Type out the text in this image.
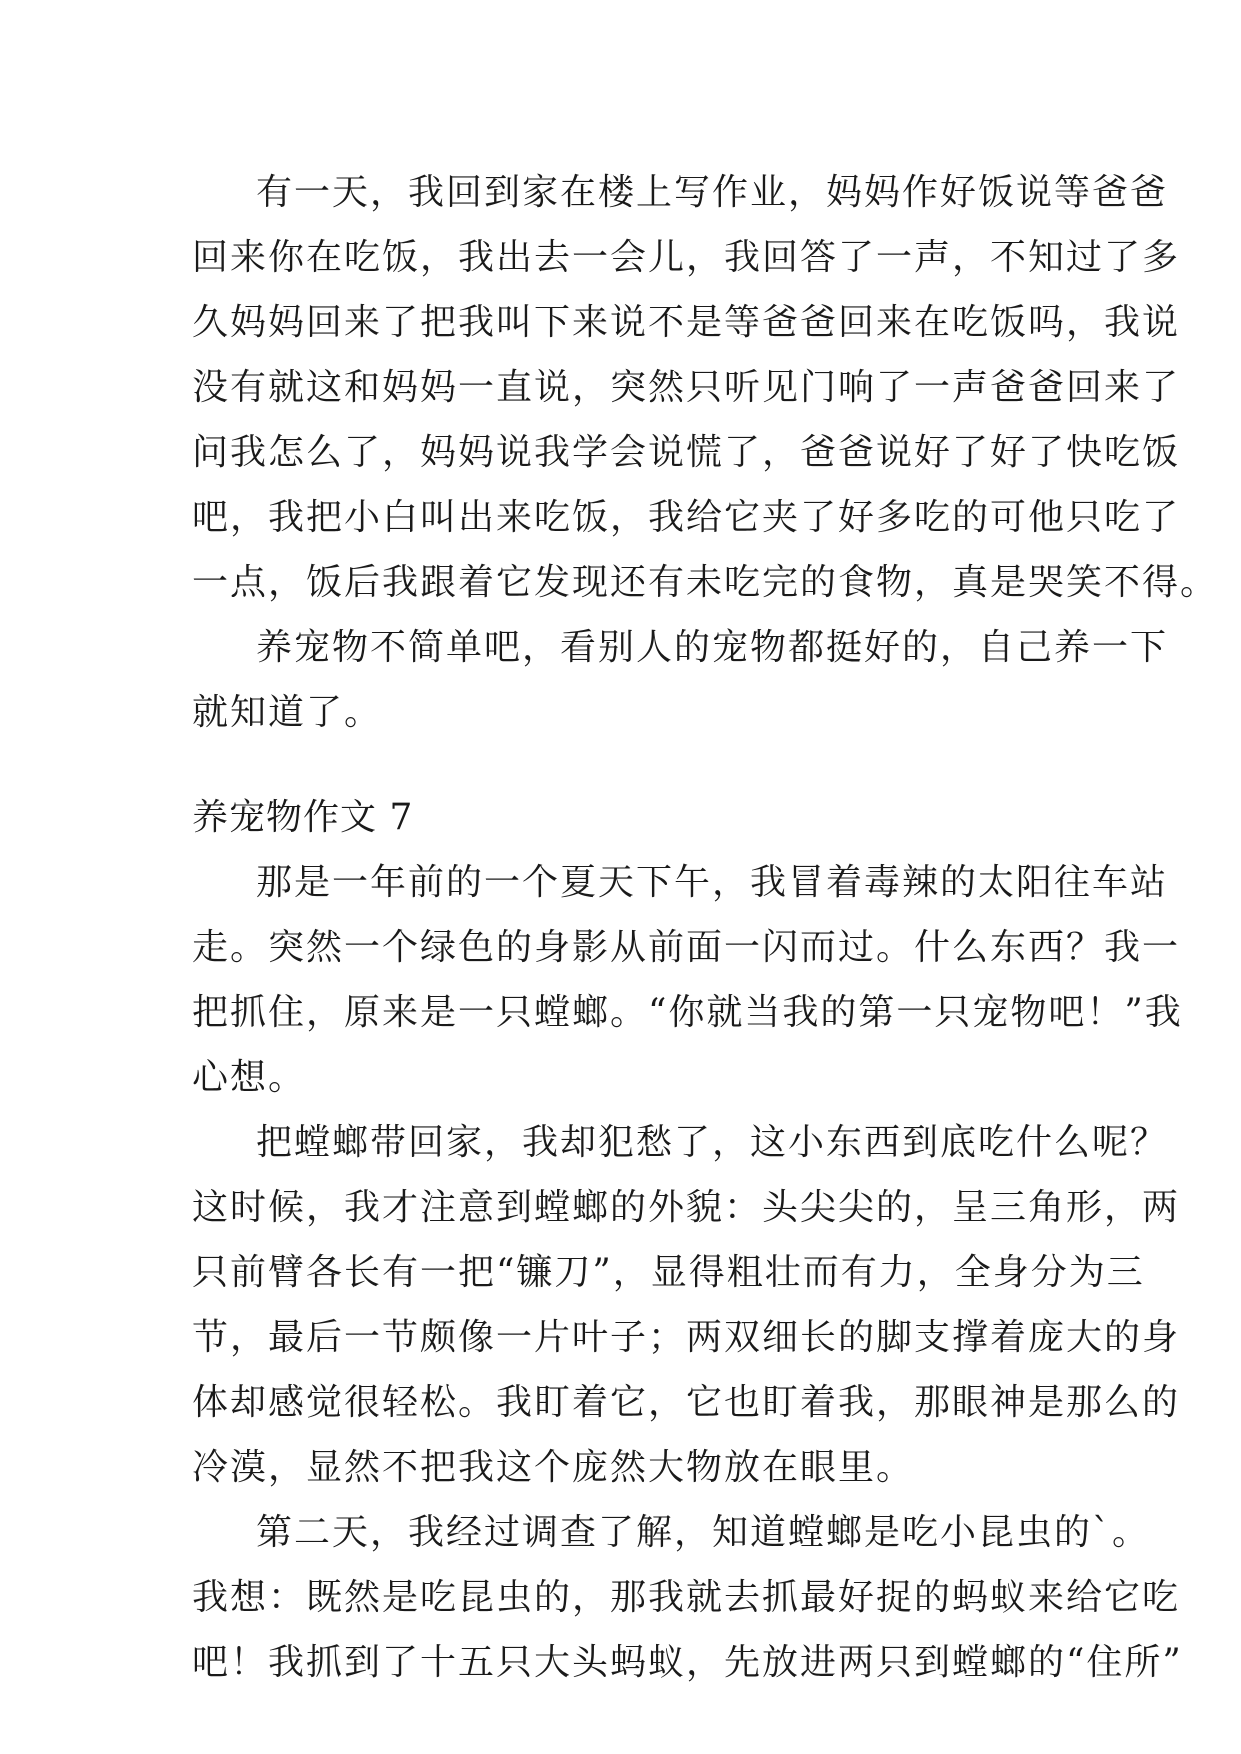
有一天，我回到家在楼上写作业，妈妈作好饭说等爸爸
回来你在吃饭，我出去一会儿，我回答了一声，不知过了多
久妈妈回来了把我叫下来说不是等爸爸回来在吃饭吗，我说
没有就这和妈妈一直说，突然只听见门响了一声爸爸回来了
问我怎么了，妈妈说我学会说慌了，爸爸说好了好了快吃饭
吧，我把小白叫出来吃饭，我给它夹了好多吃的可他只吃了
一点，饭后我跟着它发现还有未吃完的食物，真是哭笑不得。
养宠物不简单吧，看别人的宠物都挺好的，自己养一下
就知道了。
养宠物作文 7
那是一年前的一个夏天下午，我冒着毒辣的太阳往车站
走。突然一个绿色的身影从前面一闪而过。什么东西？我一
把抓住，原来是一只螳螂。“你就当我的第一只宠物吧！”我
心想。
把螳螂带回家，我却犯愁了，这小东西到底吃什么呢？
这时候，我才注意到螳螂的外貌：头尖尖的，呈三角形，两
只前臂各长有一把“镰刀”，显得粗壮而有力，全身分为三
节，最后一节颇像一片叶子；两双细长的脚支撑着庞大的身
体却感觉很轻松。我盯着它，它也盯着我，那眼神是那么的
冷漠，显然不把我这个庞然大物放在眼里。
第二天，我经过调查了解，知道螳螂是吃小昆虫的`。
我想：既然是吃昆虫的，那我就去抓最好捉的蚂蚁来给它吃
吧！我抓到了十五只大头蚂蚁，先放进两只到螳螂的“住所”
